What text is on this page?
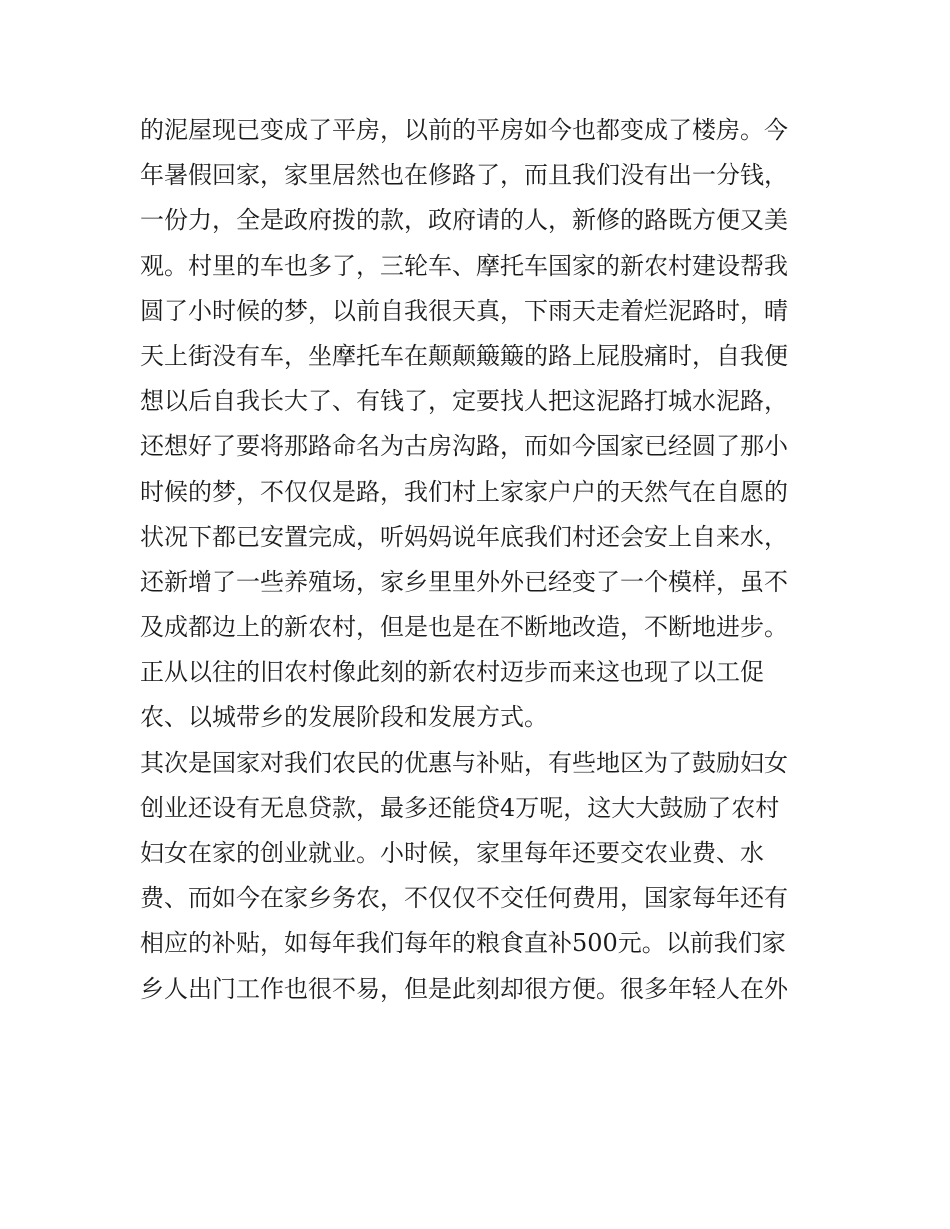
的泥屋现已变成了平房，以前的平房如今也都变成了楼房。今
年暑假回家，家里居然也在修路了，而且我们没有出一分钱，
一份力，全是政府拨的款，政府请的人，新修的路既方便又美
观。村里的车也多了，三轮车、摩托车国家的新农村建设帮我
圆了小时候的梦，以前自我很天真，下雨天走着烂泥路时，晴
天上街没有车，坐摩托车在颠颠簸簸的路上屁股痛时，自我便
想以后自我长大了、有钱了，定要找人把这泥路打城水泥路，
还想好了要将那路命名为古房沟路，而如今国家已经圆了那小
时候的梦，不仅仅是路，我们村上家家户户的天然气在自愿的
状况下都已安置完成，听妈妈说年底我们村还会安上自来水，
还新增了一些养殖场，家乡里里外外已经变了一个模样，虽不
及成都边上的新农村，但是也是在不断地改造，不断地进步。
正从以往的旧农村像此刻的新农村迈步而来这也现了以工促
农、以城带乡的发展阶段和发展方式。
其次是国家对我们农民的优惠与补贴，有些地区为了鼓励妇女
创业还设有无息贷款，最多还能贷4万呢，这大大鼓励了农村
妇女在家的创业就业。小时候，家里每年还要交农业费、水
费、而如今在家乡务农，不仅仅不交任何费用，国家每年还有
相应的补贴，如每年我们每年的粮食直补500元。以前我们家
乡人出门工作也很不易，但是此刻却很方便。很多年轻人在外
